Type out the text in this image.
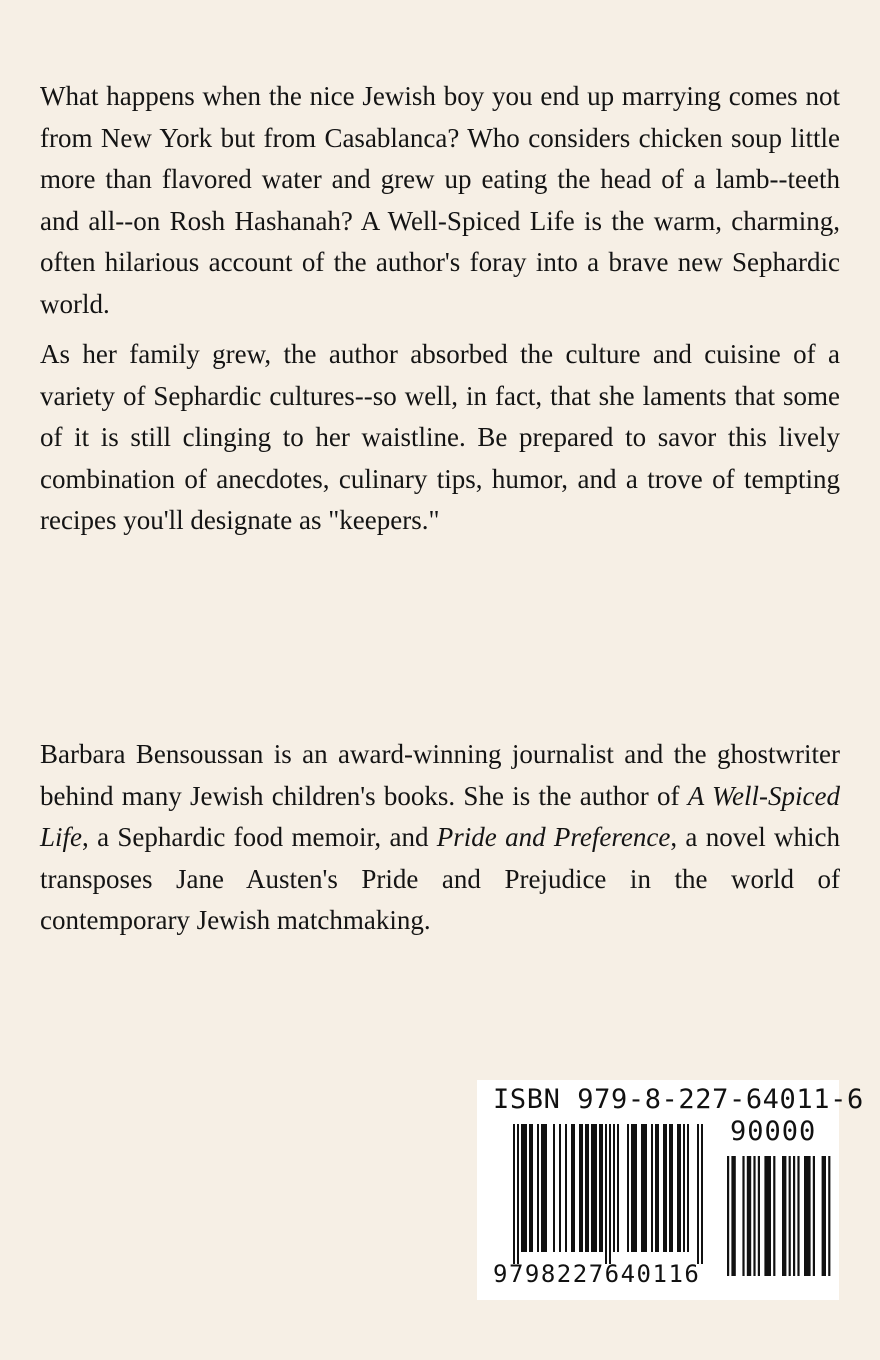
What happens when the nice Jewish boy you end up marrying comes not from New York but from Casablanca? Who considers chicken soup little more than flavored water and grew up eating the head of a lamb--teeth and all--on Rosh Hashanah? A Well-Spiced Life is the warm, charming, often hilarious account of the author's foray into a brave new Sephardic world.

As her family grew, the author absorbed the culture and cuisine of a variety of Sephardic cultures--so well, in fact, that she laments that some of it is still clinging to her waistline. Be prepared to savor this lively combination of anecdotes, culinary tips, humor, and a trove of tempting recipes you'll designate as "keepers."

Barbara Bensoussan is an award-winning journalist and the ghostwriter behind many Jewish children's books. She is the author of A Well-Spiced Life, a Sephardic food memoir, and Pride and Preference, a novel which transposes Jane Austen's Pride and Prejudice in the world of contemporary Jewish matchmaking.

ISBN 979-8-227-64011-6
90000
9798227640116
